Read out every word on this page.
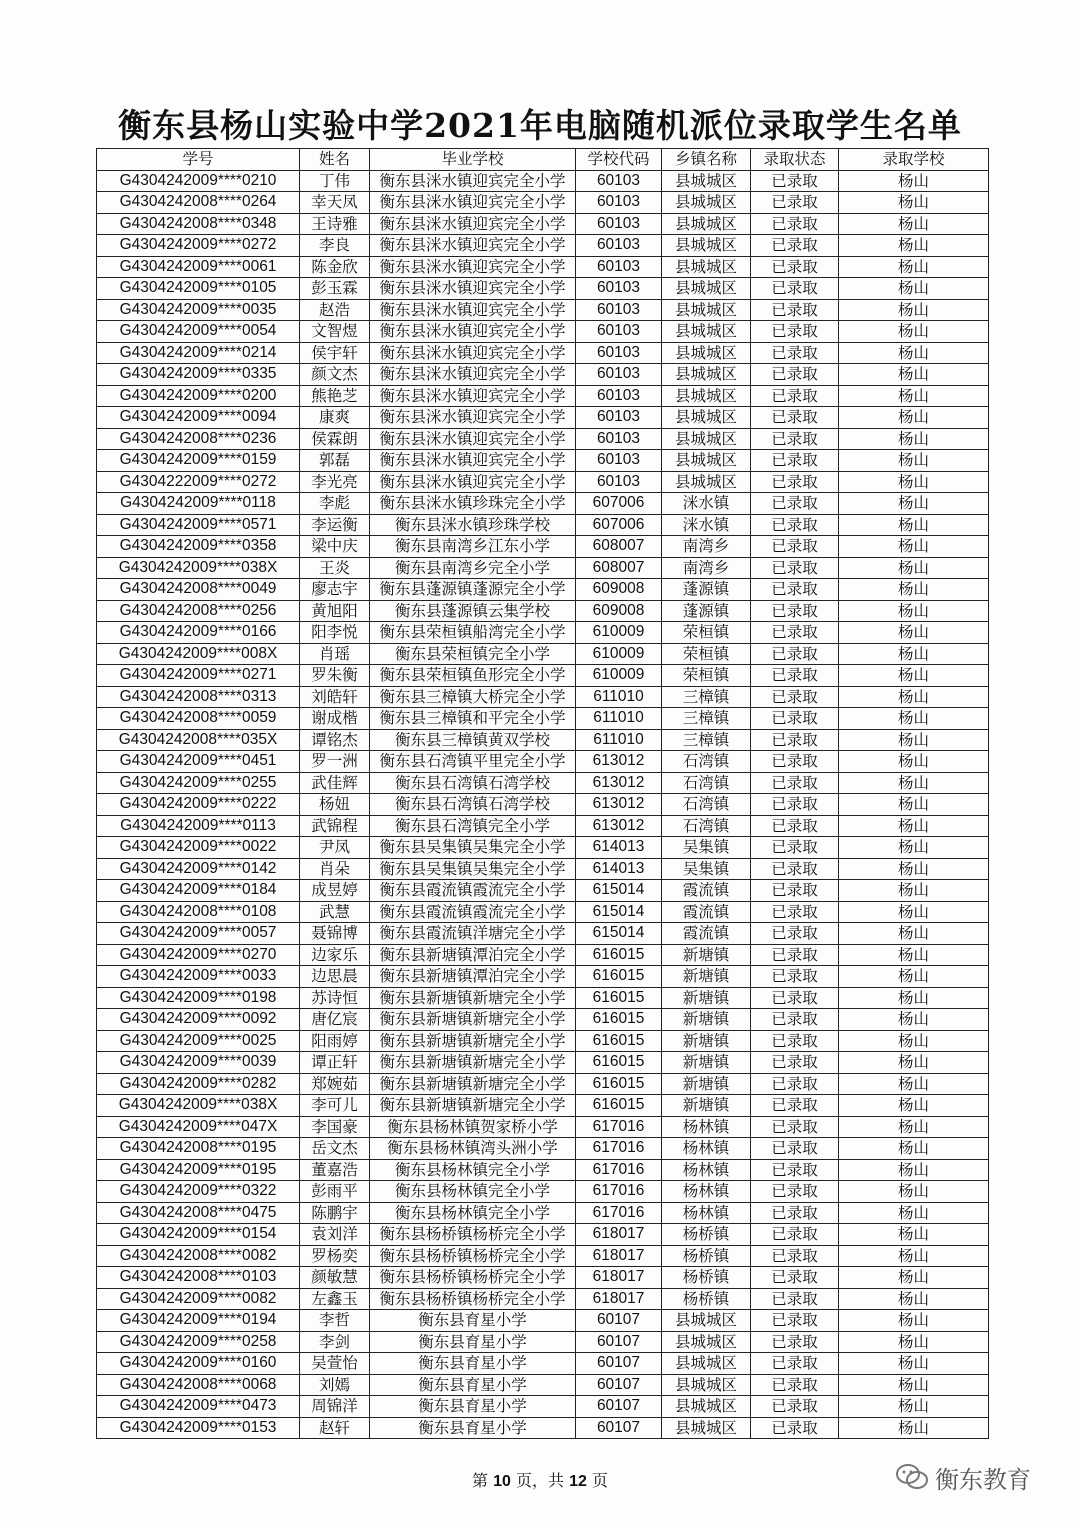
衡东县杨山实验中学2021年电脑随机派位录取学生名单
学号	姓名	毕业学校	学校代码	乡镇名称	录取状态	录取学校
G4304242009****0210	丁伟	衡东县洣水镇迎宾完全小学	60103	县城城区	已录取	杨山
G4304242008****0264	幸天凤	衡东县洣水镇迎宾完全小学	60103	县城城区	已录取	杨山
G4304242008****0348	王诗雅	衡东县洣水镇迎宾完全小学	60103	县城城区	已录取	杨山
G4304242009****0272	李良	衡东县洣水镇迎宾完全小学	60103	县城城区	已录取	杨山
G4304242009****0061	陈金欣	衡东县洣水镇迎宾完全小学	60103	县城城区	已录取	杨山
G4304242009****0105	彭玉霖	衡东县洣水镇迎宾完全小学	60103	县城城区	已录取	杨山
G4304242009****0035	赵浩	衡东县洣水镇迎宾完全小学	60103	县城城区	已录取	杨山
G4304242009****0054	文智煜	衡东县洣水镇迎宾完全小学	60103	县城城区	已录取	杨山
G4304242009****0214	侯宇轩	衡东县洣水镇迎宾完全小学	60103	县城城区	已录取	杨山
G4304242009****0335	颜文杰	衡东县洣水镇迎宾完全小学	60103	县城城区	已录取	杨山
G4304242009****0200	熊艳芝	衡东县洣水镇迎宾完全小学	60103	县城城区	已录取	杨山
G4304242009****0094	康爽	衡东县洣水镇迎宾完全小学	60103	县城城区	已录取	杨山
G4304242008****0236	侯霖朗	衡东县洣水镇迎宾完全小学	60103	县城城区	已录取	杨山
G4304242009****0159	郭磊	衡东县洣水镇迎宾完全小学	60103	县城城区	已录取	杨山
G4304222009****0272	李光亮	衡东县洣水镇迎宾完全小学	60103	县城城区	已录取	杨山
G4304242009****0118	李彪	衡东县洣水镇珍珠完全小学	607006	洣水镇	已录取	杨山
G4304242009****0571	李运衡	衡东县洣水镇珍珠学校	607006	洣水镇	已录取	杨山
G4304242009****0358	梁中庆	衡东县南湾乡江东小学	608007	南湾乡	已录取	杨山
G4304242009****038X	王炎	衡东县南湾乡完全小学	608007	南湾乡	已录取	杨山
G4304242008****0049	廖志宇	衡东县蓬源镇蓬源完全小学	609008	蓬源镇	已录取	杨山
G4304242008****0256	黄旭阳	衡东县蓬源镇云集学校	609008	蓬源镇	已录取	杨山
G4304242009****0166	阳李悦	衡东县荣桓镇船湾完全小学	610009	荣桓镇	已录取	杨山
G4304242009****008X	肖瑶	衡东县荣桓镇完全小学	610009	荣桓镇	已录取	杨山
G4304242009****0271	罗朱衡	衡东县荣桓镇鱼形完全小学	610009	荣桓镇	已录取	杨山
G4304242008****0313	刘皓轩	衡东县三樟镇大桥完全小学	611010	三樟镇	已录取	杨山
G4304242008****0059	谢成楷	衡东县三樟镇和平完全小学	611010	三樟镇	已录取	杨山
G4304242008****035X	谭铭杰	衡东县三樟镇黄双学校	611010	三樟镇	已录取	杨山
G4304242009****0451	罗一洲	衡东县石湾镇平里完全小学	613012	石湾镇	已录取	杨山
G4304242009****0255	武佳辉	衡东县石湾镇石湾学校	613012	石湾镇	已录取	杨山
G4304242009****0222	杨妞	衡东县石湾镇石湾学校	613012	石湾镇	已录取	杨山
G4304242009****0113	武锦程	衡东县石湾镇完全小学	613012	石湾镇	已录取	杨山
G4304242009****0022	尹凤	衡东县吴集镇吴集完全小学	614013	吴集镇	已录取	杨山
G4304242009****0142	肖朵	衡东县吴集镇吴集完全小学	614013	吴集镇	已录取	杨山
G4304242009****0184	成昱婷	衡东县霞流镇霞流完全小学	615014	霞流镇	已录取	杨山
G4304242008****0108	武慧	衡东县霞流镇霞流完全小学	615014	霞流镇	已录取	杨山
G4304242009****0057	聂锦博	衡东县霞流镇洋塘完全小学	615014	霞流镇	已录取	杨山
G4304242009****0270	边家乐	衡东县新塘镇潭泊完全小学	616015	新塘镇	已录取	杨山
G4304242009****0033	边思晨	衡东县新塘镇潭泊完全小学	616015	新塘镇	已录取	杨山
G4304242009****0198	苏诗恒	衡东县新塘镇新塘完全小学	616015	新塘镇	已录取	杨山
G4304242009****0092	唐亿宸	衡东县新塘镇新塘完全小学	616015	新塘镇	已录取	杨山
G4304242009****0025	阳雨婷	衡东县新塘镇新塘完全小学	616015	新塘镇	已录取	杨山
G4304242009****0039	谭正轩	衡东县新塘镇新塘完全小学	616015	新塘镇	已录取	杨山
G4304242009****0282	郑婉茹	衡东县新塘镇新塘完全小学	616015	新塘镇	已录取	杨山
G4304242009****038X	李可儿	衡东县新塘镇新塘完全小学	616015	新塘镇	已录取	杨山
G4304242009****047X	李国豪	衡东县杨林镇贺家桥小学	617016	杨林镇	已录取	杨山
G4304242008****0195	岳文杰	衡东县杨林镇湾头洲小学	617016	杨林镇	已录取	杨山
G4304242009****0195	董嘉浩	衡东县杨林镇完全小学	617016	杨林镇	已录取	杨山
G4304242009****0322	彭雨平	衡东县杨林镇完全小学	617016	杨林镇	已录取	杨山
G4304242008****0475	陈鹏宇	衡东县杨林镇完全小学	617016	杨林镇	已录取	杨山
G4304242009****0154	袁刘洋	衡东县杨桥镇杨桥完全小学	618017	杨桥镇	已录取	杨山
G4304242008****0082	罗杨奕	衡东县杨桥镇杨桥完全小学	618017	杨桥镇	已录取	杨山
G4304242008****0103	颜敏慧	衡东县杨桥镇杨桥完全小学	618017	杨桥镇	已录取	杨山
G4304242009****0082	左鑫玉	衡东县杨桥镇杨桥完全小学	618017	杨桥镇	已录取	杨山
G4304242009****0194	李哲	衡东县育星小学	60107	县城城区	已录取	杨山
G4304242009****0258	李剑	衡东县育星小学	60107	县城城区	已录取	杨山
G4304242009****0160	吴萱怡	衡东县育星小学	60107	县城城区	已录取	杨山
G4304242008****0068	刘嫣	衡东县育星小学	60107	县城城区	已录取	杨山
G4304242009****0473	周锦洋	衡东县育星小学	60107	县城城区	已录取	杨山
G4304242009****0153	赵轩	衡东县育星小学	60107	县城城区	已录取	杨山
第 10 页，共 12 页	衡东教育
